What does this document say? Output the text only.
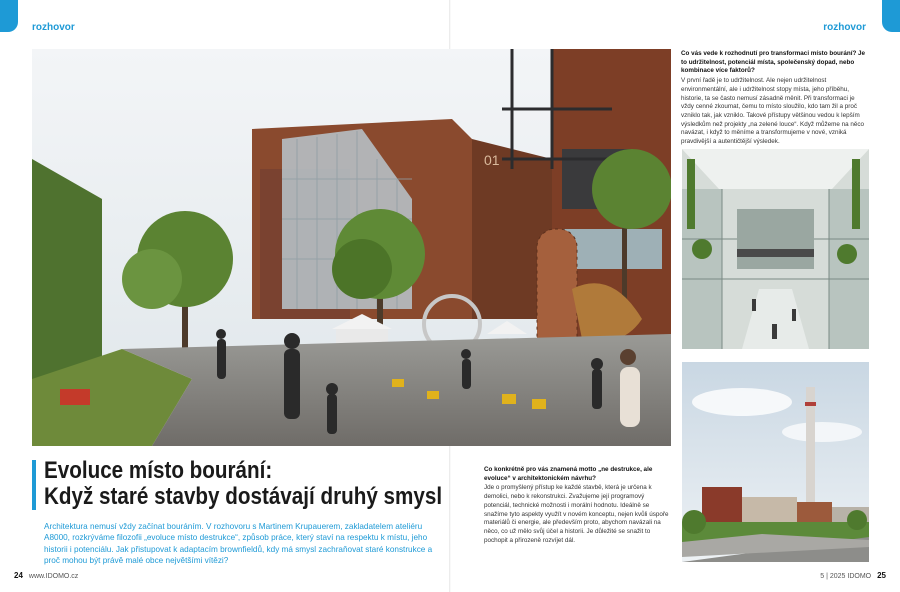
rozhovor	rozhovor
01
Evoluce místo bourání:
Když staré stavby dostávají druhý smysl
Architektura nemusí vždy začínat bouráním. V rozhovoru s Martinem Krupauerem, zakladatelem ateliéru A8000, rozkrýváme filozofii „evoluce místo destrukce“, způsob práce, který staví na respektu k místu, jeho historii i potenciálu. Jak přistupovat k adaptacím brownfieldů, kdy má smysl zachraňovat staré konstrukce a proč mohou být právě malé obce největšími vítězi?
Co vás vede k rozhodnutí pro transformaci místo bourání? Je to udržitelnost, potenciál místa, společenský dopad, nebo kombinace více faktorů?
V první řadě je to udržitelnost. Ale nejen udržitelnost environmentální, ale i udržitelnost stopy místa, jeho příběhu, historie, ta se často nemusí zásadně měnit. Při transformaci je vždy cenné zkoumat, čemu to místo sloužilo, kdo tam žil a proč vzniklo tak, jak vzniklo. Takové přístupy většinou vedou k lepším výsledkům než projekty „na zelené louce“. Když můžeme na něco navázat, i když to měníme a transformujeme v nové, vzniká pravdivější a autentičtější výsledek.
Co konkrétně pro vás znamená motto „ne destrukce, ale evoluce“ v architektonickém návrhu?
Jde o promyšlený přístup ke každé stavbě, která je určena k demolici, nebo k rekonstrukci. Zvažujeme její programový potenciál, technické možnosti i morální hodnotu. Ideálně se snažíme tyto aspekty využít v novém konceptu, nejen kvůli úspoře materiálů či energie, ale především proto, abychom navázali na něco, co už mělo svůj účel a historii. Je důležité se snažit to pochopit a přirozeně rozvíjet dál.
24 www.IDOMO.cz	5 | 2025 IDOMO 25
